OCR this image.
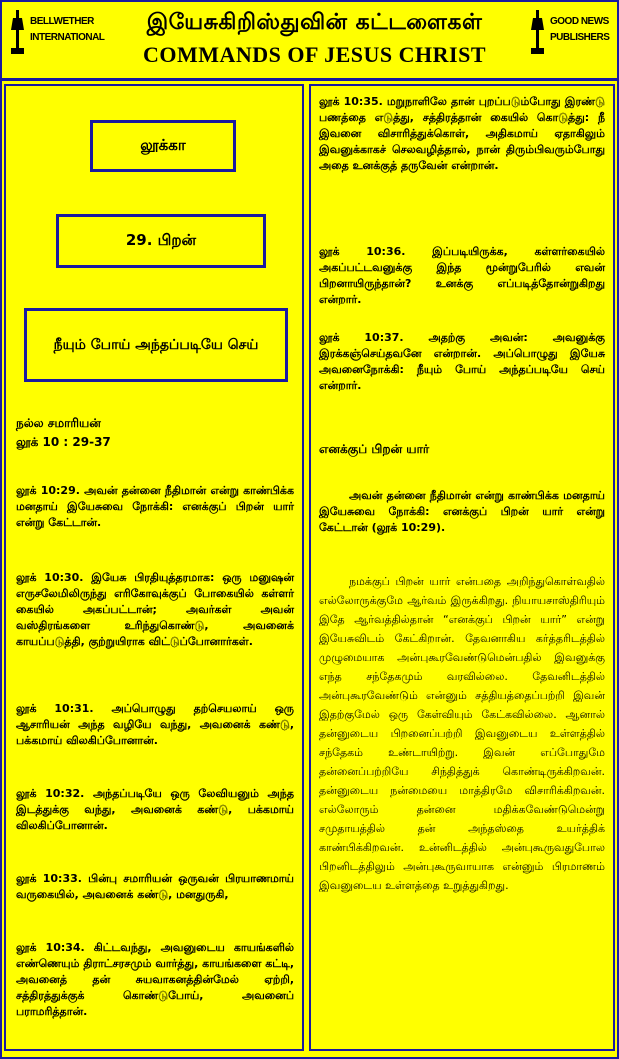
BELLWETHER
INTERNATIONAL
இயேசுகிறிஸ்துவின் கட்டளைகள்
COMMANDS OF JESUS CHRIST
GOOD NEWS
PUBLISHERS
லூக்கா
29. பிறன்
நீயும் போய் அந்தப்படியே செய்
நல்ல சமாரியன்
லூக் 10 : 29-37
லூக் 10:29. அவன் தன்னை நீதிமான் என்று காண்பிக்க மனதாய் இயேசுவை நோக்கி: எனக்குப் பிறன் யார் என்று கேட்டான்.
லூக் 10:30. இயேசு பிரதியுத்தரமாக: ஒரு மனுஷன் எருசலேமிலிருந்து எரிகோவுக்குப் போகையில் கள்ளர் கையில் அகப்பட்டான்; அவர்கள் அவன் வஸ்திரங்களை உரிந்துகொண்டு, அவனைக் காயப்படுத்தி, குற்றுயிராக விட்டுப்போனார்கள்.
லூக் 10:31. அப்பொழுது தற்செயலாய் ஒரு ஆசாரியன் அந்த வழியே வந்து, அவனைக் கண்டு, பக்கமாய் விலகிப்போனான்.
லூக் 10:32. அந்தப்படியே ஒரு லேவியனும் அந்த இடத்துக்கு வந்து, அவனைக் கண்டு, பக்கமாய் விலகிப்போனான்.
லூக் 10:33. பின்பு சமாரியன் ஒருவன் பிரயாணமாய் வருகையில், அவனைக் கண்டு, மனதுருகி,
லூக் 10:34. கிட்டவந்து, அவனுடைய காயங்களில் எண்ணெயும் திராட்சரசமும் வார்த்து, காயங்களை கட்டி, அவனைத் தன் சுயவாகனத்தின்மேல் ஏற்றி, சத்திரத்துக்குக் கொண்டுபோய், அவனைப் பராமரித்தான்.
லூக் 10:35. மறுநாளிலே தான் புறப்படும்போது இரண்டு பணத்தை எடுத்து, சத்திரத்தான் கையில் கொடுத்து: நீ இவனை விசாரித்துக்கொள், அதிகமாய் ஏதாகிலும் இவனுக்காகச் செலவழித்தால், நான் திரும்பிவரும்போது அதை உனக்குத் தருவேன் என்றான்.
லூக் 10:36. இப்படியிருக்க, கள்ளர்கையில் அகப்பட்டவனுக்கு இந்த மூன்றுபேரில் எவன் பிறனாயிருந்தான்? உனக்கு எப்படித்தோன்றுகிறது என்றார்.
லூக் 10:37. அதற்கு அவன்: அவனுக்கு இரக்கஞ்செய்தவனே என்றான். அப்பொழுது இயேசு அவனைநோக்கி: நீயும் போய் அந்தப்படியே செய் என்றார்.
எனக்குப் பிறன் யார்
அவன் தன்னை நீதிமான் என்று காண்பிக்க மனதாய் இயேசுவை நோக்கி: எனக்குப் பிறன் யார் என்று கேட்டான் (லூக் 10:29).
நமக்குப் பிறன் யார் என்பதை அறிந்துகொள்வதில் எல்லோருக்குமே ஆர்வம் இருக்கிறது. நியாயசாஸ்திரியும் இதே ஆர்வத்தில்தான் “எனக்குப் பிறன் யார்” என்று இயேசுவிடம் கேட்கிறான். தேவனாகிய கர்த்தரிடத்தில் முழுமையாக அன்புகூரவேண்டுமென்பதில் இவனுக்கு எந்த சந்தேகமும் வரவில்லை. தேவனிடத்தில் அன்புகூரவேண்டும் என்னும் சத்தியத்தைப்பற்றி இவன் இதற்குமேல் ஒரு கேள்வியும் கேட்கவில்லை. ஆனால் தன்னுடைய பிறனைப்பற்றி இவனுடைய உள்ளத்தில் சந்தேகம் உண்டாயிற்று. இவன் எப்போதுமே தன்னைப்பற்றியே சிந்தித்துக் கொண்டிருக்கிறவன். தன்னுடைய நன்மையை மாத்திரமே விசாரிக்கிறவன். எல்லோரும் தன்னை மதிக்கவேண்டுமென்று சமுதாயத்தில் தன் அந்தஸ்தை உயர்த்திக் காண்பிக்கிறவன். உன்னிடத்தில் அன்புகூருவதுபோல பிறனிடத்திலும் அன்புகூருவாயாக என்னும் பிரமாணம் இவனுடைய உள்ளத்தை உறுத்துகிறது.
